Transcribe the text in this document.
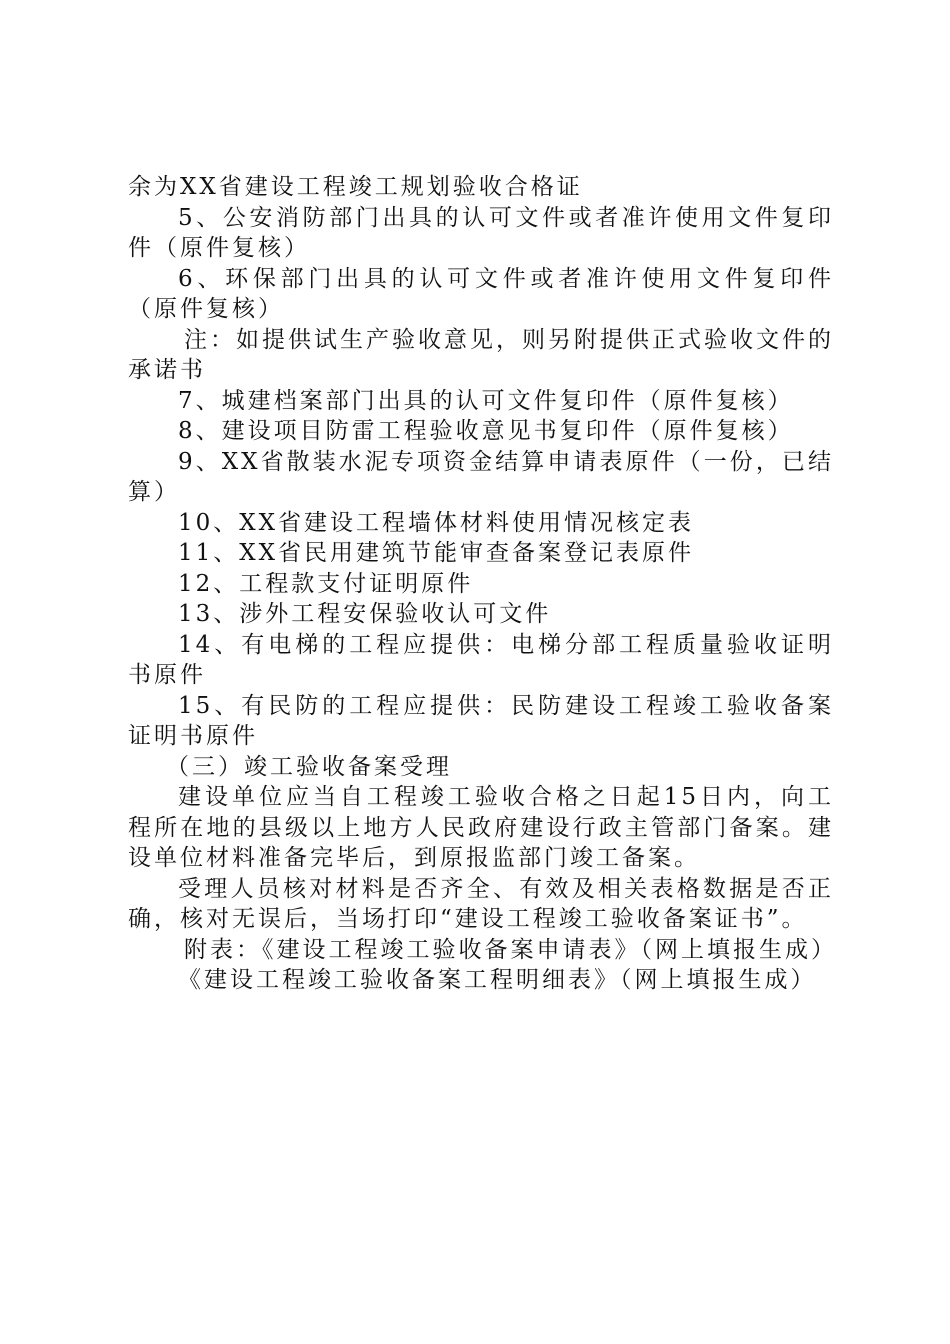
余为XX省建设工程竣工规划验收合格证

5、公安消防部门出具的认可文件或者准许使用文件复印件（原件复核）

6、环保部门出具的认可文件或者准许使用文件复印件（原件复核）

注：如提供试生产验收意见，则另附提供正式验收文件的承诺书

7、城建档案部门出具的认可文件复印件（原件复核）

8、建设项目防雷工程验收意见书复印件（原件复核）

9、XX省散装水泥专项资金结算申请表原件（一份，已结算）

10、XX省建设工程墙体材料使用情况核定表

11、XX省民用建筑节能审查备案登记表原件

12、工程款支付证明原件

13、涉外工程安保验收认可文件

14、有电梯的工程应提供：电梯分部工程质量验收证明书原件

15、有民防的工程应提供：民防建设工程竣工验收备案证明书原件

（三）竣工验收备案受理

建设单位应当自工程竣工验收合格之日起15日内，向工程所在地的县级以上地方人民政府建设行政主管部门备案。建设单位材料准备完毕后，到原报监部门竣工备案。

受理人员核对材料是否齐全、有效及相关表格数据是否正确，核对无误后，当场打印“建设工程竣工验收备案证书”。

附表：《建设工程竣工验收备案申请表》（网上填报生成）

《建设工程竣工验收备案工程明细表》（网上填报生成）
